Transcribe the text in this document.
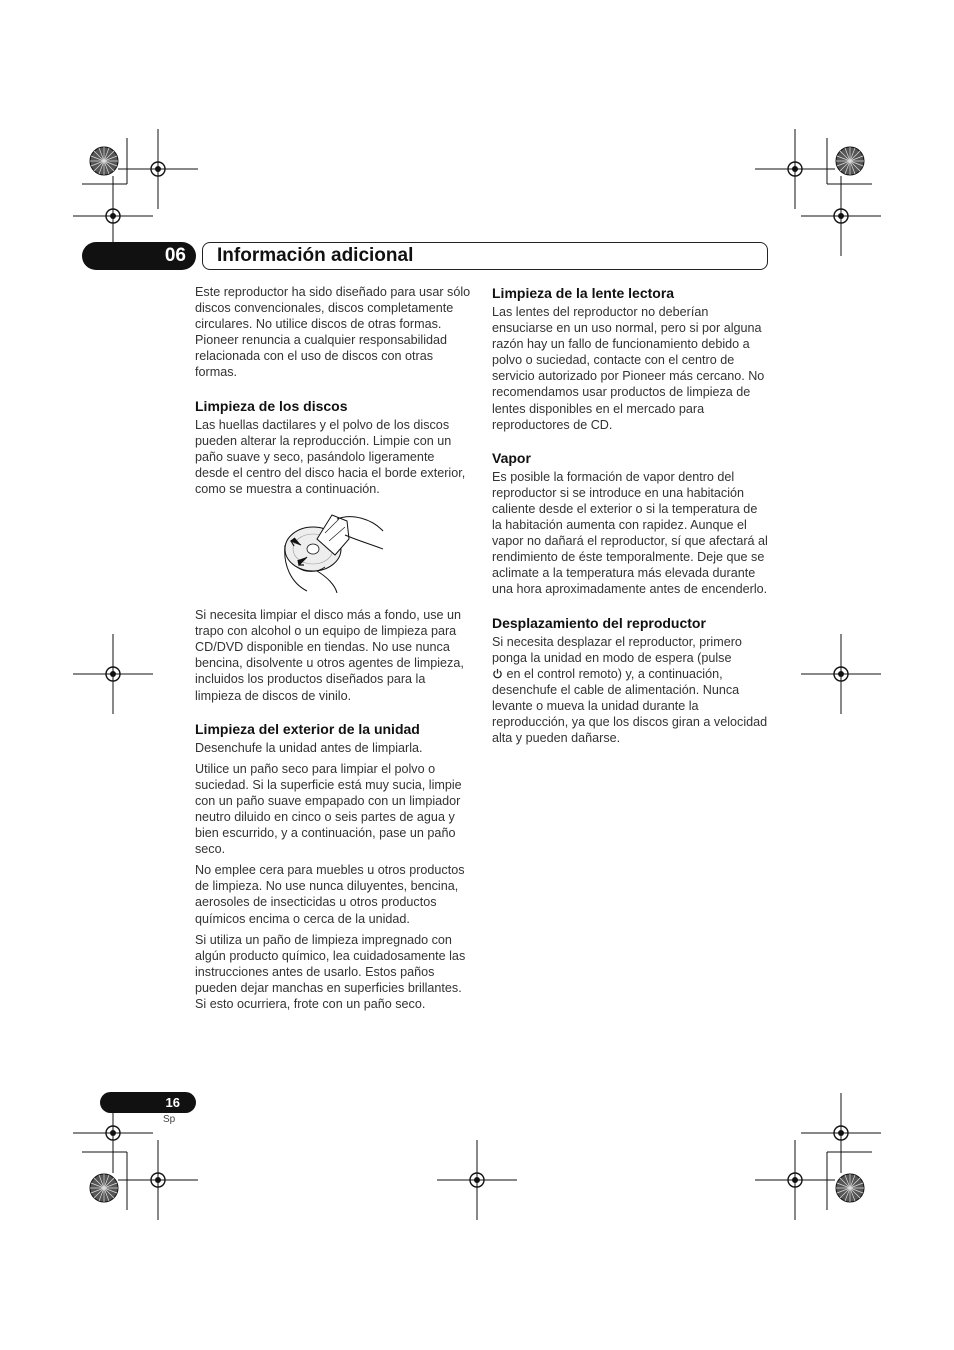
06	Información adicional

Este reproductor ha sido diseñado para usar sólo discos convencionales, discos completamente circulares. No utilice discos de otras formas. Pioneer renuncia a cualquier responsabilidad relacionada con el uso de discos con otras formas.

Limpieza de los discos

Las huellas dactilares y el polvo de los discos pueden alterar la reproducción. Limpie con un paño suave y seco, pasándolo ligeramente desde el centro del disco hacia el borde exterior, como se muestra a continuación.

Si necesita limpiar el disco más a fondo, use un trapo con alcohol o un equipo de limpieza para CD/DVD disponible en tiendas. No use nunca bencina, disolvente u otros agentes de limpieza, incluidos los productos diseñados para la limpieza de discos de vinilo.

Limpieza del exterior de la unidad

Desenchufe la unidad antes de limpiarla.

Utilice un paño seco para limpiar el polvo o suciedad. Si la superficie está muy sucia, limpie con un paño suave empapado con un limpiador neutro diluido en cinco o seis partes de agua y bien escurrido, y a continuación, pase un paño seco.

No emplee cera para muebles u otros productos de limpieza. No use nunca diluyentes, bencina, aerosoles de insecticidas u otros productos químicos encima o cerca de la unidad.

Si utiliza un paño de limpieza impregnado con algún producto químico, lea cuidadosamente las instrucciones antes de usarlo. Estos paños pueden dejar manchas en superficies brillantes. Si esto ocurriera, frote con un paño seco.

Limpieza de la lente lectora

Las lentes del reproductor no deberían ensuciarse en un uso normal, pero si por alguna razón hay un fallo de funcionamiento debido a polvo o suciedad, contacte con el centro de servicio autorizado por Pioneer más cercano. No recomendamos usar productos de limpieza de lentes disponibles en el mercado para reproductores de CD.

Vapor

Es posible la formación de vapor dentro del reproductor si se introduce en una habitación caliente desde el exterior o si la temperatura de la habitación aumenta con rapidez. Aunque el vapor no dañará el reproductor, sí que afectará al rendimiento de éste temporalmente. Deje que se aclimate a la temperatura más elevada durante una hora aproximadamente antes de encenderlo.

Desplazamiento del reproductor

Si necesita desplazar el reproductor, primero ponga la unidad en modo de espera (pulse
en el control remoto) y, a continuación, desenchufe el cable de alimentación. Nunca levante o mueva la unidad durante la reproducción, ya que los discos giran a velocidad alta y pueden dañarse.

16
Sp
